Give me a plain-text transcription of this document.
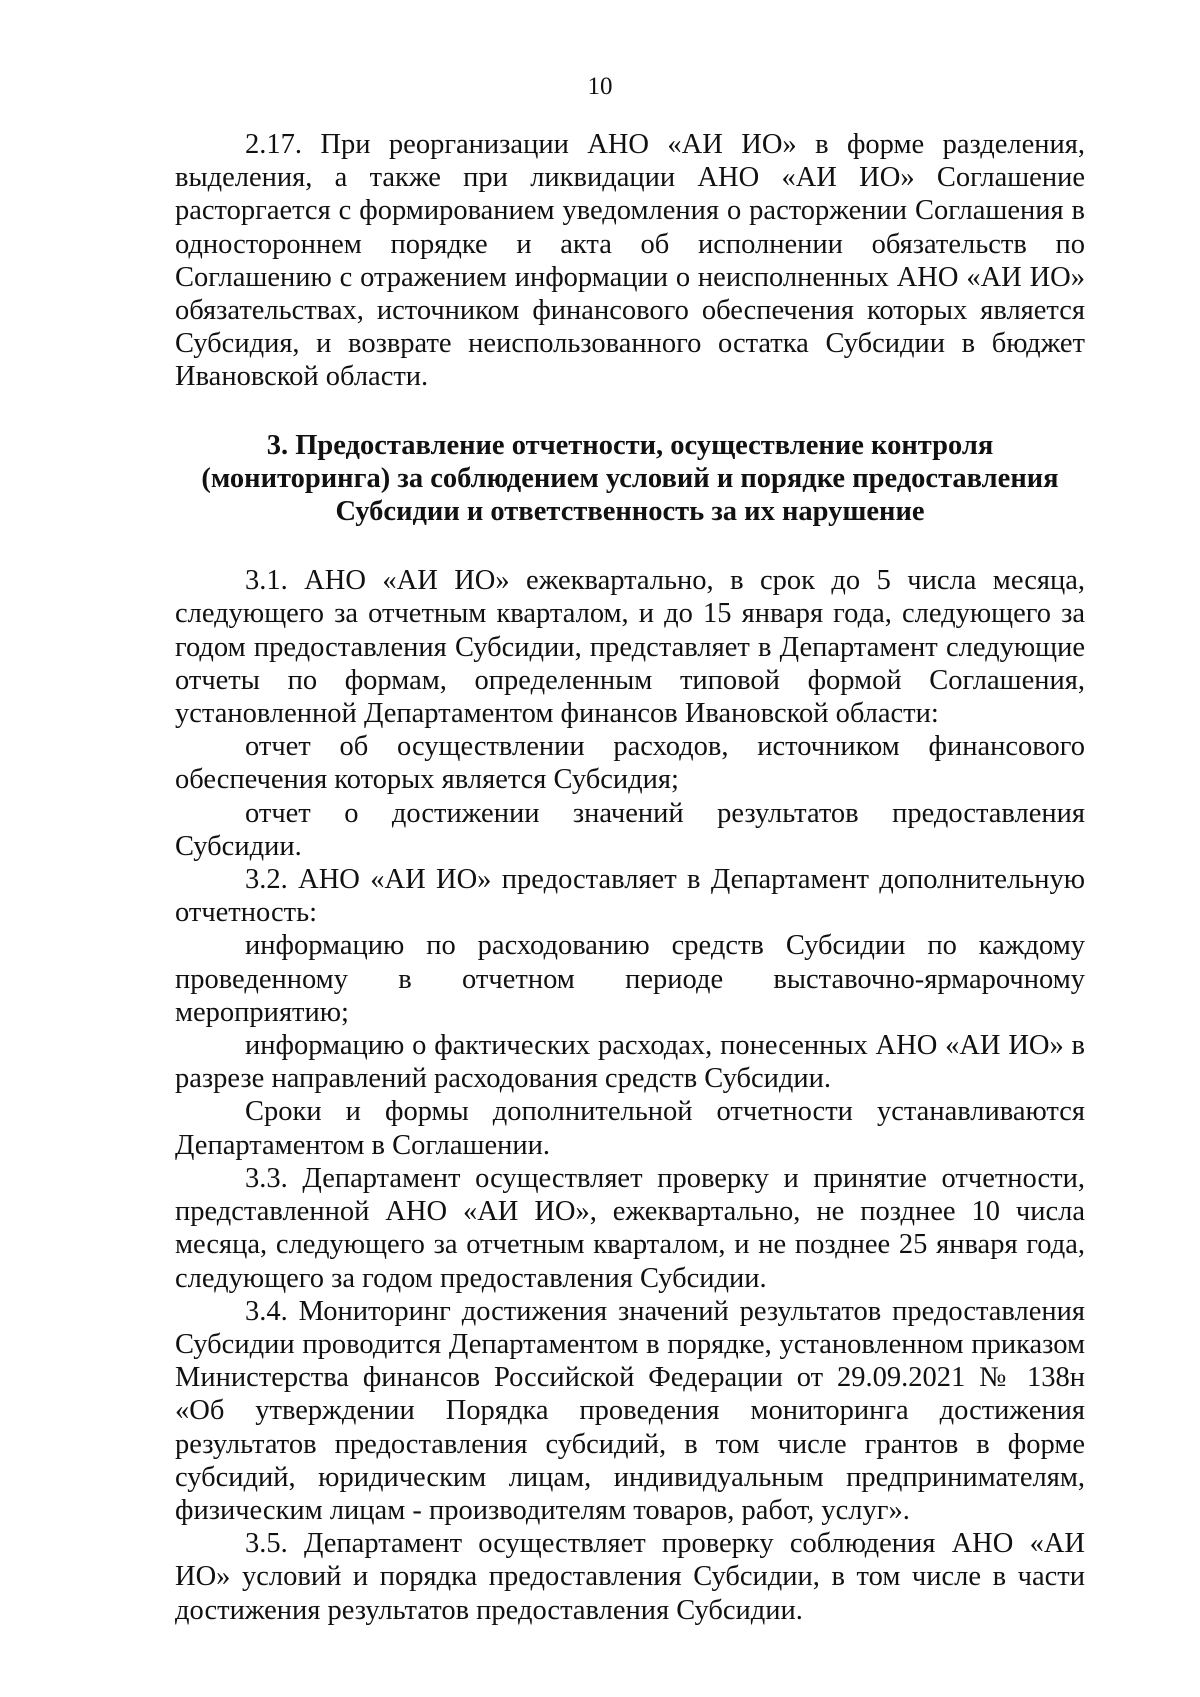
10

2.17. При реорганизации АНО «АИ ИО» в форме разделения, выделения, а также при ликвидации АНО «АИ ИО» Соглашение расторгается с формированием уведомления о расторжении Соглашения в одностороннем порядке и акта об исполнении обязательств по Соглашению с отражением информации о неисполненных АНО «АИ ИО» обязательствах, источником финансового обеспечения которых является Субсидия, и возврате неиспользованного остатка Субсидии в бюджет Ивановской области.

3. Предоставление отчетности, осуществление контроля
(мониторинга) за соблюдением условий и порядке предоставления
Субсидии и ответственность за их нарушение

3.1. АНО «АИ ИО» ежеквартально, в срок до 5 числа месяца, следующего за отчетным кварталом, и до 15 января года, следующего за годом предоставления Субсидии, представляет в Департамент следующие отчеты по формам, определенным типовой формой Соглашения, установленной Департаментом финансов Ивановской области:

отчет об осуществлении расходов, источником финансового обеспечения которых является Субсидия;

отчет о достижении значений результатов предоставления Субсидии.

3.2. АНО «АИ ИО» предоставляет в Департамент дополнительную отчетность:

информацию по расходованию средств Субсидии по каждому проведенному в отчетном периоде выставочно-ярмарочному мероприятию;

информацию о фактических расходах, понесенных АНО «АИ ИО» в разрезе направлений расходования средств Субсидии.

Сроки и формы дополнительной отчетности устанавливаются Департаментом в Соглашении.

3.3. Департамент осуществляет проверку и принятие отчетности, представленной АНО «АИ ИО», ежеквартально, не позднее 10 числа месяца, следующего за отчетным кварталом, и не позднее 25 января года, следующего за годом предоставления Субсидии.

3.4. Мониторинг достижения значений результатов предоставления Субсидии проводится Департаментом в порядке, установленном приказом Министерства финансов Российской Федерации от 29.09.2021 № 138н «Об утверждении Порядка проведения мониторинга достижения результатов предоставления субсидий, в том числе грантов в форме субсидий, юридическим лицам, индивидуальным предпринимателям, физическим лицам - производителям товаров, работ, услуг».

3.5. Департамент осуществляет проверку соблюдения АНО «АИ ИО» условий и порядка предоставления Субсидии, в том числе в части достижения результатов предоставления Субсидии.
